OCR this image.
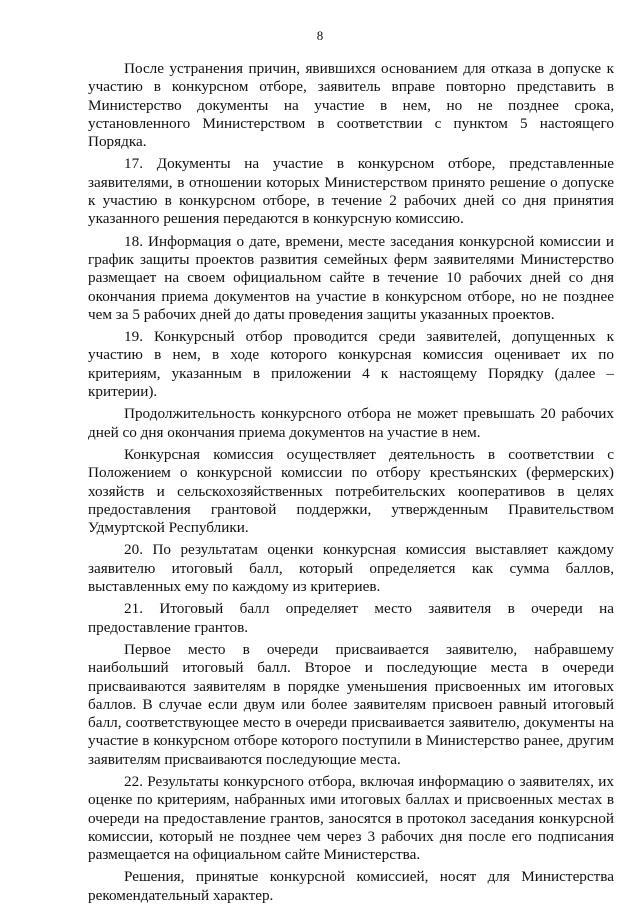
8

После устранения причин, явившихся основанием для отказа в допуске к участию в конкурсном отборе, заявитель вправе повторно представить в Министерство документы на участие в нем, но не позднее срока, установленного Министерством в соответствии с пунктом 5 настоящего Порядка.

17. Документы на участие в конкурсном отборе, представленные заявителями, в отношении которых Министерством принято решение о допуске к участию в конкурсном отборе, в течение 2 рабочих дней со дня принятия указанного решения передаются в конкурсную комиссию.

18. Информация о дате, времени, месте заседания конкурсной комиссии и график защиты проектов развития семейных ферм заявителями Министерство размещает на своем официальном сайте в течение 10 рабочих дней со дня окончания приема документов на участие в конкурсном отборе, но не позднее чем за 5 рабочих дней до даты проведения защиты указанных проектов.

19. Конкурсный отбор проводится среди заявителей, допущенных к участию в нем, в ходе которого конкурсная комиссия оценивает их по критериям, указанным в приложении 4 к настоящему Порядку (далее – критерии).

Продолжительность конкурсного отбора не может превышать 20 рабочих дней со дня окончания приема документов на участие в нем.

Конкурсная комиссия осуществляет деятельность в соответствии с Положением о конкурсной комиссии по отбору крестьянских (фермерских) хозяйств и сельскохозяйственных потребительских кооперативов в целях предоставления грантовой поддержки, утвержденным Правительством Удмуртской Республики.

20. По результатам оценки конкурсная комиссия выставляет каждому заявителю итоговый балл, который определяется как сумма баллов, выставленных ему по каждому из критериев.

21. Итоговый балл определяет место заявителя в очереди на предоставление грантов.

Первое место в очереди присваивается заявителю, набравшему наибольший итоговый балл. Второе и последующие места в очереди присваиваются заявителям в порядке уменьшения присвоенных им итоговых баллов. В случае если двум или более заявителям присвоен равный итоговый балл, соответствующее место в очереди присваивается заявителю, документы на участие в конкурсном отборе которого поступили в Министерство ранее, другим заявителям присваиваются последующие места.

22. Результаты конкурсного отбора, включая информацию о заявителях, их оценке по критериям, набранных ими итоговых баллах и присвоенных местах в очереди на предоставление грантов, заносятся в протокол заседания конкурсной комиссии, который не позднее чем через 3 рабочих дня после его подписания размещается на официальном сайте Министерства.

Решения, принятые конкурсной комиссией, носят для Министерства рекомендательный характер.
